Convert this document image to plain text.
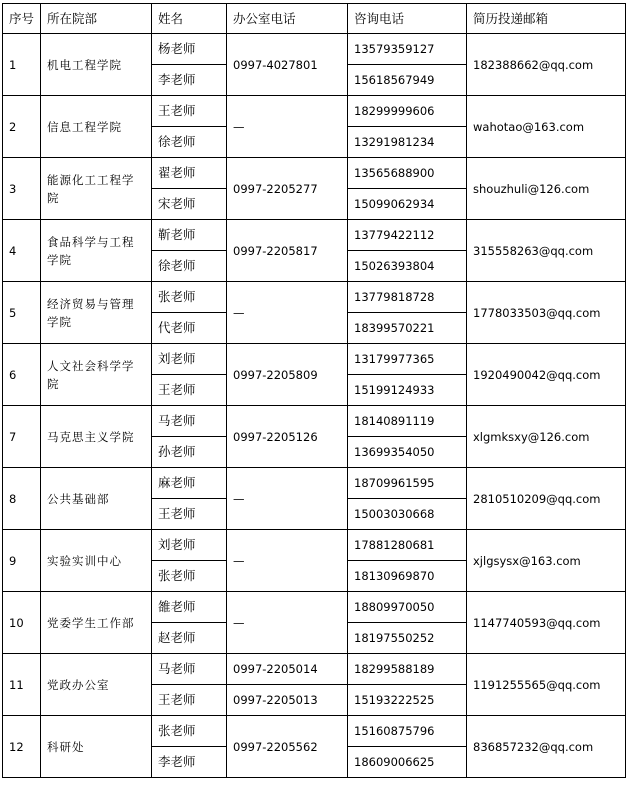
序号	所在院部	姓名	办公室电话	咨询电话	简历投递邮箱
1	机电工程学院	杨老师	0997-4027801	13579359127	182388662@qq.com
		李老师		15618567949	
2	信息工程学院	王老师	—	18299999606	wahotao@163.com
		徐老师		13291981234	
3	能源化工工程学院	翟老师	0997-2205277	13565688900	shouzhuli@126.com
		宋老师		15099062934	
4	食品科学与工程学院	靳老师	0997-2205817	13779422112	315558263@qq.com
		徐老师		15026393804	
5	经济贸易与管理学院	张老师	—	13779818728	1778033503@qq.com
		代老师		18399570221	
6	人文社会科学学院	刘老师	0997-2205809	13179977365	1920490042@qq.com
		王老师		15199124933	
7	马克思主义学院	马老师	0997-2205126	18140891119	xlgmksxy@126.com
		孙老师		13699354050	
8	公共基础部	麻老师	—	18709961595	2810510209@qq.com
		王老师		15003030668	
9	实验实训中心	刘老师	—	17881280681	xjlgsysx@163.com
		张老师		18130969870	
10	党委学生工作部	雒老师	—	18809970050	1147740593@qq.com
		赵老师		18197550252	
11	党政办公室	马老师	0997-2205014	18299588189	1191255565@qq.com
		王老师	0997-2205013	15193222525	
12	科研处	张老师	0997-2205562	15160875796	836857232@qq.com
		李老师		18609006625	
